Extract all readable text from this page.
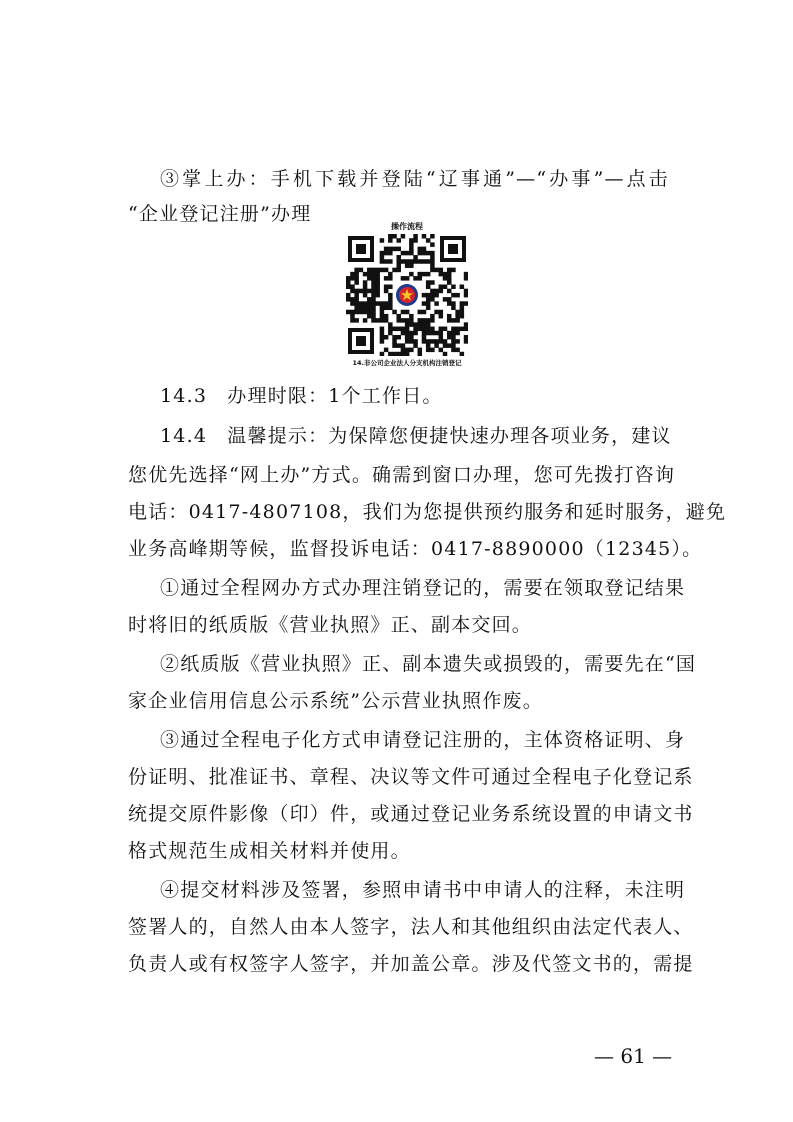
③掌上办：手机下载并登陆“辽事通”—“办事”—点击
“企业登记注册”办理
操作流程
14.非公司企业法人分支机构注销登记
14.3　办理时限：1个工作日。
14.4　温馨提示：为保障您便捷快速办理各项业务，建议
您优先选择“网上办”方式。确需到窗口办理，您可先拨打咨询
电话：0417-4807108，我们为您提供预约服务和延时服务，避免
业务高峰期等候，监督投诉电话：0417-8890000（12345）。
①通过全程网办方式办理注销登记的，需要在领取登记结果
时将旧的纸质版《营业执照》正、副本交回。
②纸质版《营业执照》正、副本遗失或损毁的，需要先在“国
家企业信用信息公示系统”公示营业执照作废。
③通过全程电子化方式申请登记注册的，主体资格证明、身
份证明、批准证书、章程、决议等文件可通过全程电子化登记系
统提交原件影像（印）件，或通过登记业务系统设置的申请文书
格式规范生成相关材料并使用。
④提交材料涉及签署，参照申请书中申请人的注释，未注明
签署人的，自然人由本人签字，法人和其他组织由法定代表人、
负责人或有权签字人签字，并加盖公章。涉及代签文书的，需提
— 61 —
